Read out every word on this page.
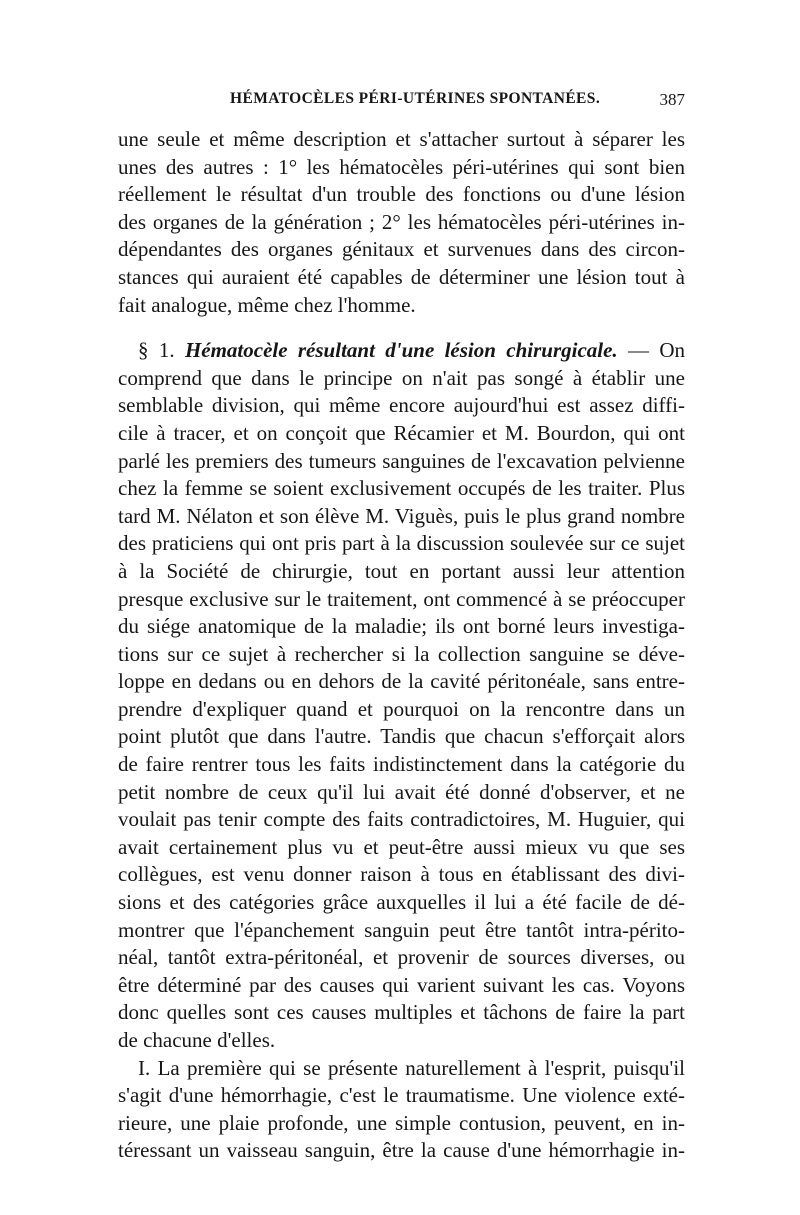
HÉMATOCÈLES PÉRI-UTÉRINES SPONTANÉES.	387
une seule et même description et s'attacher surtout à séparer les
unes des autres : 1° les hématocèles péri-utérines qui sont bien
réellement le résultat d'un trouble des fonctions ou d'une lésion
des organes de la génération ; 2° les hématocèles péri-utérines in-
dépendantes des organes génitaux et survenues dans des circon-
stances qui auraient été capables de déterminer une lésion tout à
fait analogue, même chez l'homme.
§ 1. Hématocèle résultant d'une lésion chirurgicale. — On
comprend que dans le principe on n'ait pas songé à établir une
semblable division, qui même encore aujourd'hui est assez diffi-
cile à tracer, et on conçoit que Récamier et M. Bourdon, qui ont
parlé les premiers des tumeurs sanguines de l'excavation pelvienne
chez la femme se soient exclusivement occupés de les traiter. Plus
tard M. Nélaton et son élève M. Viguès, puis le plus grand nombre
des praticiens qui ont pris part à la discussion soulevée sur ce sujet
à la Société de chirurgie, tout en portant aussi leur attention
presque exclusive sur le traitement, ont commencé à se préoccuper
du siége anatomique de la maladie; ils ont borné leurs investiga-
tions sur ce sujet à rechercher si la collection sanguine se déve-
loppe en dedans ou en dehors de la cavité péritonéale, sans entre-
prendre d'expliquer quand et pourquoi on la rencontre dans un
point plutôt que dans l'autre. Tandis que chacun s'efforçait alors
de faire rentrer tous les faits indistinctement dans la catégorie du
petit nombre de ceux qu'il lui avait été donné d'observer, et ne
voulait pas tenir compte des faits contradictoires, M. Huguier, qui
avait certainement plus vu et peut-être aussi mieux vu que ses
collègues, est venu donner raison à tous en établissant des divi-
sions et des catégories grâce auxquelles il lui a été facile de dé-
montrer que l'épanchement sanguin peut être tantôt intra-périto-
néal, tantôt extra-péritonéal, et provenir de sources diverses, ou
être déterminé par des causes qui varient suivant les cas. Voyons
donc quelles sont ces causes multiples et tâchons de faire la part
de chacune d'elles.
I. La première qui se présente naturellement à l'esprit, puisqu'il
s'agit d'une hémorrhagie, c'est le traumatisme. Une violence exté-
rieure, une plaie profonde, une simple contusion, peuvent, en in-
téressant un vaisseau sanguin, être la cause d'une hémorrhagie in-
